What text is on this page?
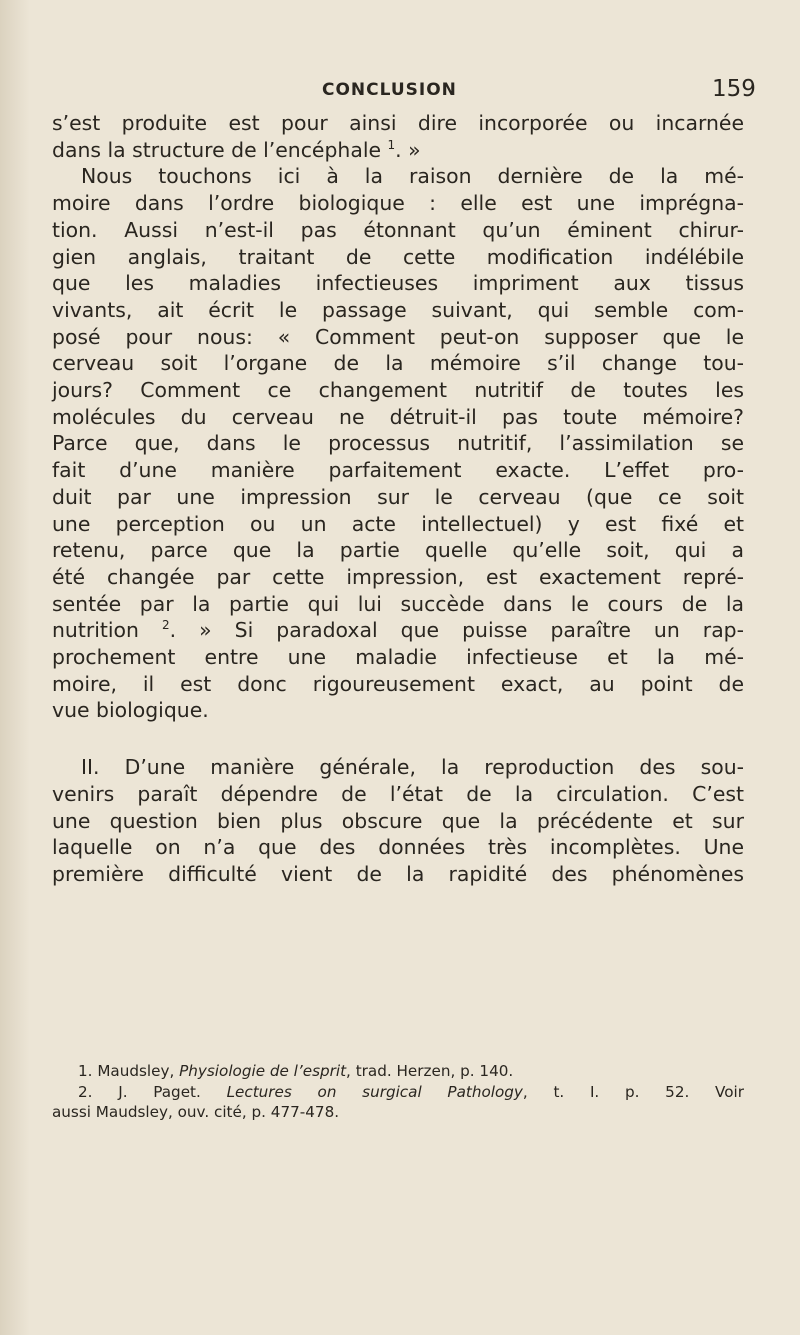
CONCLUSION	159
s’est produite est pour ainsi dire incorporée ou incarnée
dans la structure de l’encéphale $^1$. »
Nous touchons ici à la raison dernière de la mé-
moire dans l’ordre biologique : elle est une imprégna-
tion. Aussi n’est-il pas étonnant qu’un éminent chirur-
gien anglais, traitant de cette modification indélébile
que les maladies infectieuses impriment aux tissus
vivants, ait écrit le passage suivant, qui semble com-
posé pour nous: « Comment peut-on supposer que le
cerveau soit l’organe de la mémoire s’il change tou-
jours? Comment ce changement nutritif de toutes les
molécules du cerveau ne détruit-il pas toute mémoire?
Parce que, dans le processus nutritif, l’assimilation se
fait d’une manière parfaitement exacte. L’effet pro-
duit par une impression sur le cerveau (que ce soit
une perception ou un acte intellectuel) y est fixé et
retenu, parce que la partie quelle qu’elle soit, qui a
été changée par cette impression, est exactement repré-
sentée par la partie qui lui succède dans le cours de la
nutrition $^2$. » Si paradoxal que puisse paraître un rap-
prochement entre une maladie infectieuse et la mé-
moire, il est donc rigoureusement exact, au point de
vue biologique.
II. D’une manière générale, la reproduction des sou-
venirs paraît dépendre de l’état de la circulation. C’est
une question bien plus obscure que la précédente et sur
laquelle on n’a que des données très incomplètes. Une
première difficulté vient de la rapidité des phénomènes
1. Maudsley, Physiologie de l’esprit, trad. Herzen, p. 140.
2. J. Paget. Lectures on surgical Pathology, t. I. p. 52. Voir
aussi Maudsley, ouv. cité, p. 477-478.
